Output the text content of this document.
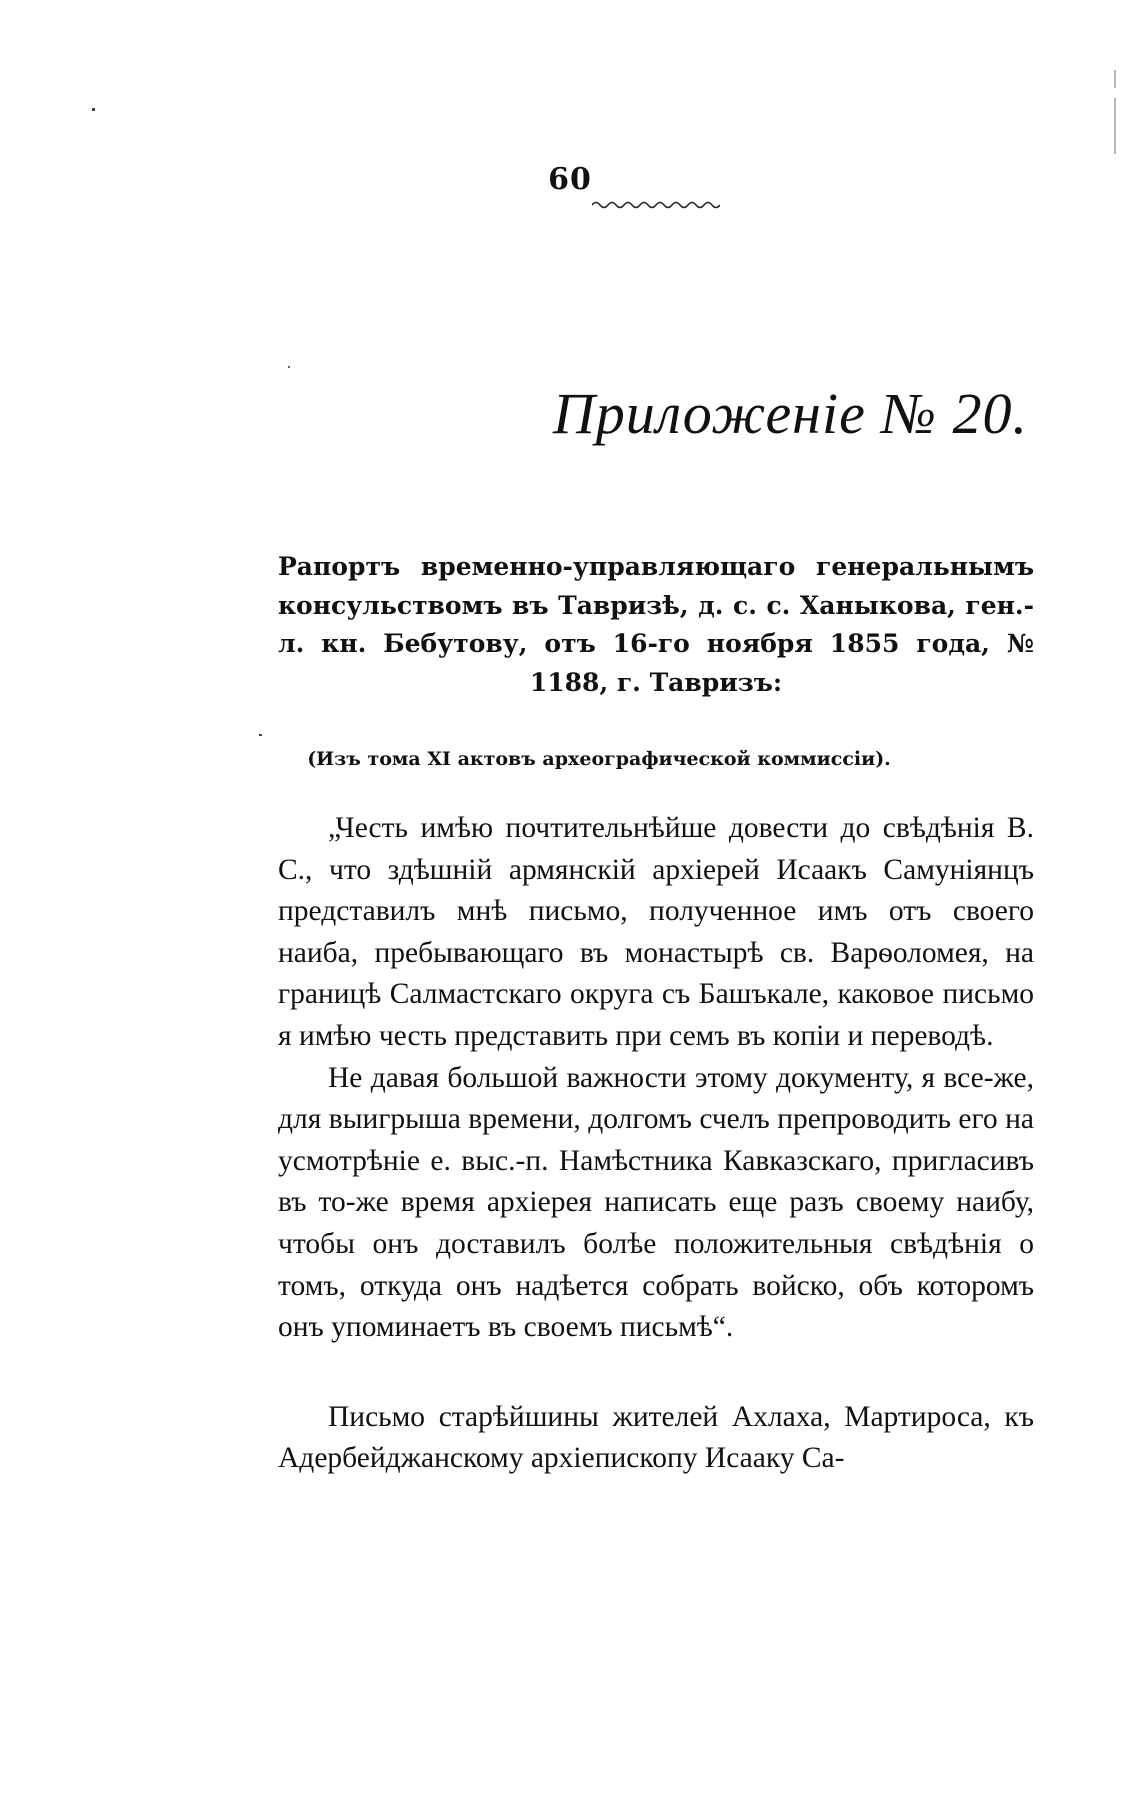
60
Приложеніе № 20.
Рапортъ временно-управляющаго генеральнымъ консульствомъ въ Тавризѣ, д. с. с. Ханыкова, ген.-л. кн. Бебутову, отъ 16-го ноября 1855 года, № 1188, г. Тавризъ:
(Изъ тома XI актовъ археографической коммиссіи).

„Честь имѣю почтительнѣйше довести до свѣдѣнія В. С., что здѣшній армянскій архіерей Исаакъ Самуніянцъ представилъ мнѣ письмо, полученное имъ отъ своего наиба, пребывающаго въ монастырѣ св. Варѳоломея, на границѣ Салмастскаго округа съ Башъкале, каковое письмо я имѣю честь представить при семъ въ копіи и переводѣ.

Не давая большой важности этому документу, я все-же, для выигрыша времени, долгомъ счелъ препроводить его на усмотрѣніе е. выс.-п. Намѣстника Кавказскаго, пригласивъ въ то-же время архіерея написать еще разъ своему наибу, чтобы онъ доставилъ болѣе положительныя свѣдѣнія о томъ, откуда онъ надѣется собрать войско, объ которомъ онъ упоминаетъ въ своемъ письмѣ“.

Письмо старѣйшины жителей Ахлаха, Мартироса, къ Адербейджанскому архіепископу Исааку Са-
